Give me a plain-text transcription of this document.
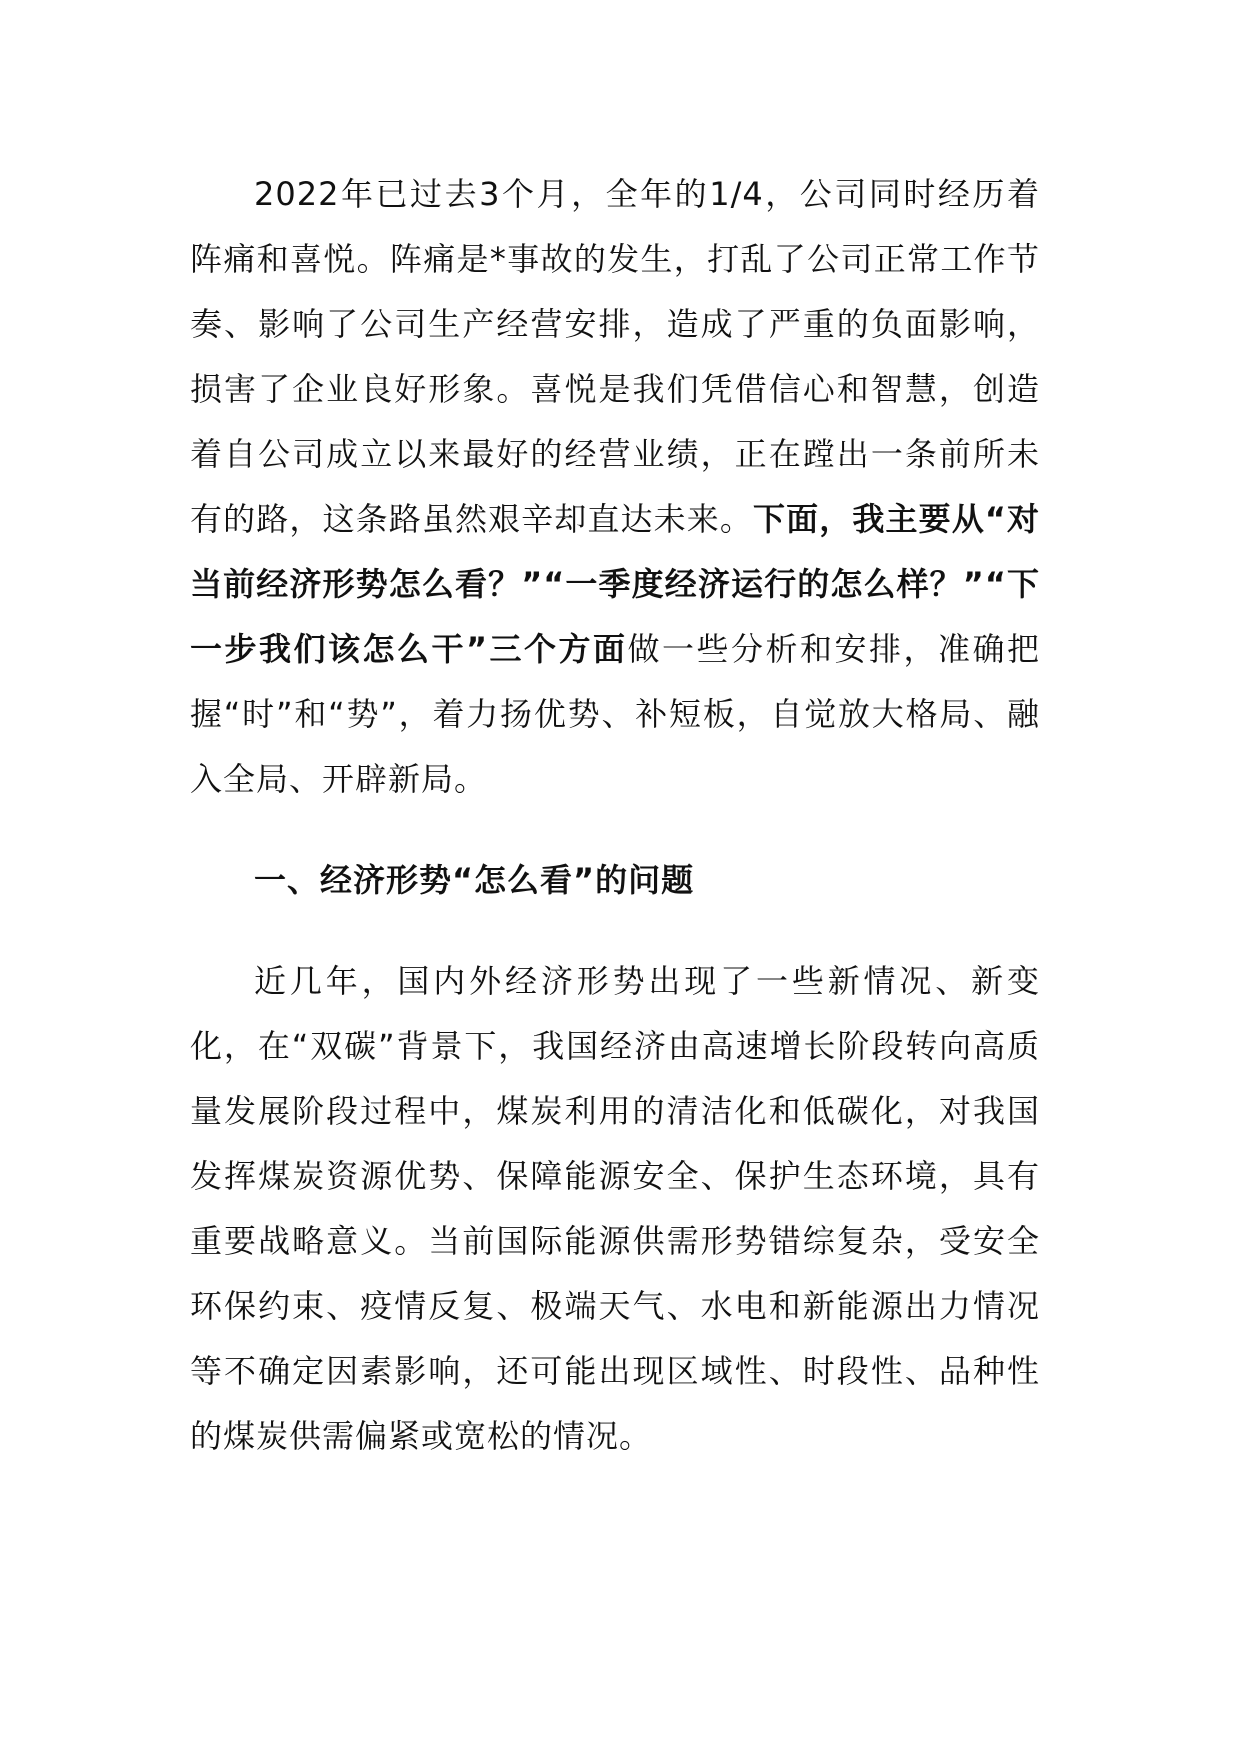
2022年已过去3个月，全年的1/4，公司同时经历着阵痛和喜悦。阵痛是*事故的发生，打乱了公司正常工作节奏、影响了公司生产经营安排，造成了严重的负面影响，损害了企业良好形象。喜悦是我们凭借信心和智慧，创造着自公司成立以来最好的经营业绩，正在蹚出一条前所未有的路，这条路虽然艰辛却直达未来。下面，我主要从“对当前经济形势怎么看？”“一季度经济运行的怎么样？”“下一步我们该怎么干”三个方面做一些分析和安排，准确把握“时”和“势”，着力扬优势、补短板，自觉放大格局、融入全局、开辟新局。

一、经济形势“怎么看”的问题

近几年，国内外经济形势出现了一些新情况、新变化，在“双碳”背景下，我国经济由高速增长阶段转向高质量发展阶段过程中，煤炭利用的清洁化和低碳化，对我国发挥煤炭资源优势、保障能源安全、保护生态环境，具有重要战略意义。当前国际能源供需形势错综复杂，受安全环保约束、疫情反复、极端天气、水电和新能源出力情况等不确定因素影响，还可能出现区域性、时段性、品种性的煤炭供需偏紧或宽松的情况。
